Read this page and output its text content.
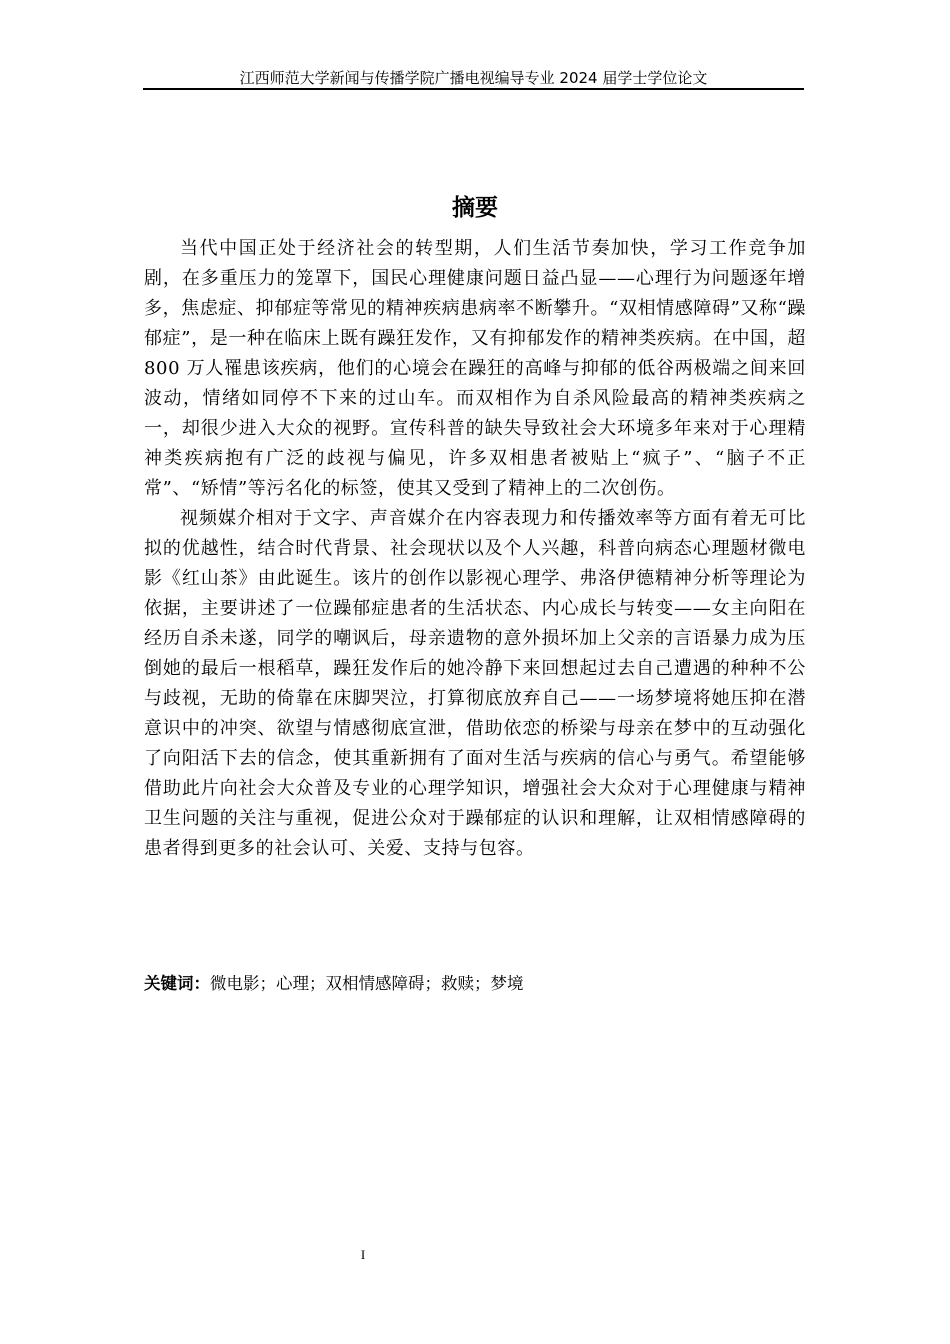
江西师范大学新闻与传播学院广播电视编导专业 2024 届学士学位论文
摘要

当代中国正处于经济社会的转型期，人们生活节奏加快，学习工作竞争加剧，在多重压力的笼罩下，国民心理健康问题日益凸显——心理行为问题逐年增多，焦虑症、抑郁症等常见的精神疾病患病率不断攀升。“双相情感障碍”又称“躁郁症”，是一种在临床上既有躁狂发作，又有抑郁发作的精神类疾病。在中国，超 800 万人罹患该疾病，他们的心境会在躁狂的高峰与抑郁的低谷两极端之间来回波动，情绪如同停不下来的过山车。而双相作为自杀风险最高的精神类疾病之一，却很少进入大众的视野。宣传科普的缺失导致社会大环境多年来对于心理精神类疾病抱有广泛的歧视与偏见，许多双相患者被贴上“疯子”、“脑子不正常”、“矫情”等污名化的标签，使其又受到了精神上的二次创伤。

视频媒介相对于文字、声音媒介在内容表现力和传播效率等方面有着无可比拟的优越性，结合时代背景、社会现状以及个人兴趣，科普向病态心理题材微电影《红山茶》由此诞生。该片的创作以影视心理学、弗洛伊德精神分析等理论为依据，主要讲述了一位躁郁症患者的生活状态、内心成长与转变——女主向阳在经历自杀未遂，同学的嘲讽后，母亲遗物的意外损坏加上父亲的言语暴力成为压倒她的最后一根稻草，躁狂发作后的她冷静下来回想起过去自己遭遇的种种不公与歧视，无助的倚靠在床脚哭泣，打算彻底放弃自己——一场梦境将她压抑在潜意识中的冲突、欲望与情感彻底宣泄，借助依恋的桥梁与母亲在梦中的互动强化了向阳活下去的信念，使其重新拥有了面对生活与疾病的信心与勇气。希望能够借助此片向社会大众普及专业的心理学知识，增强社会大众对于心理健康与精神卫生问题的关注与重视，促进公众对于躁郁症的认识和理解，让双相情感障碍的患者得到更多的社会认可、关爱、支持与包容。

关键词：微电影；心理；双相情感障碍；救赎；梦境
I
